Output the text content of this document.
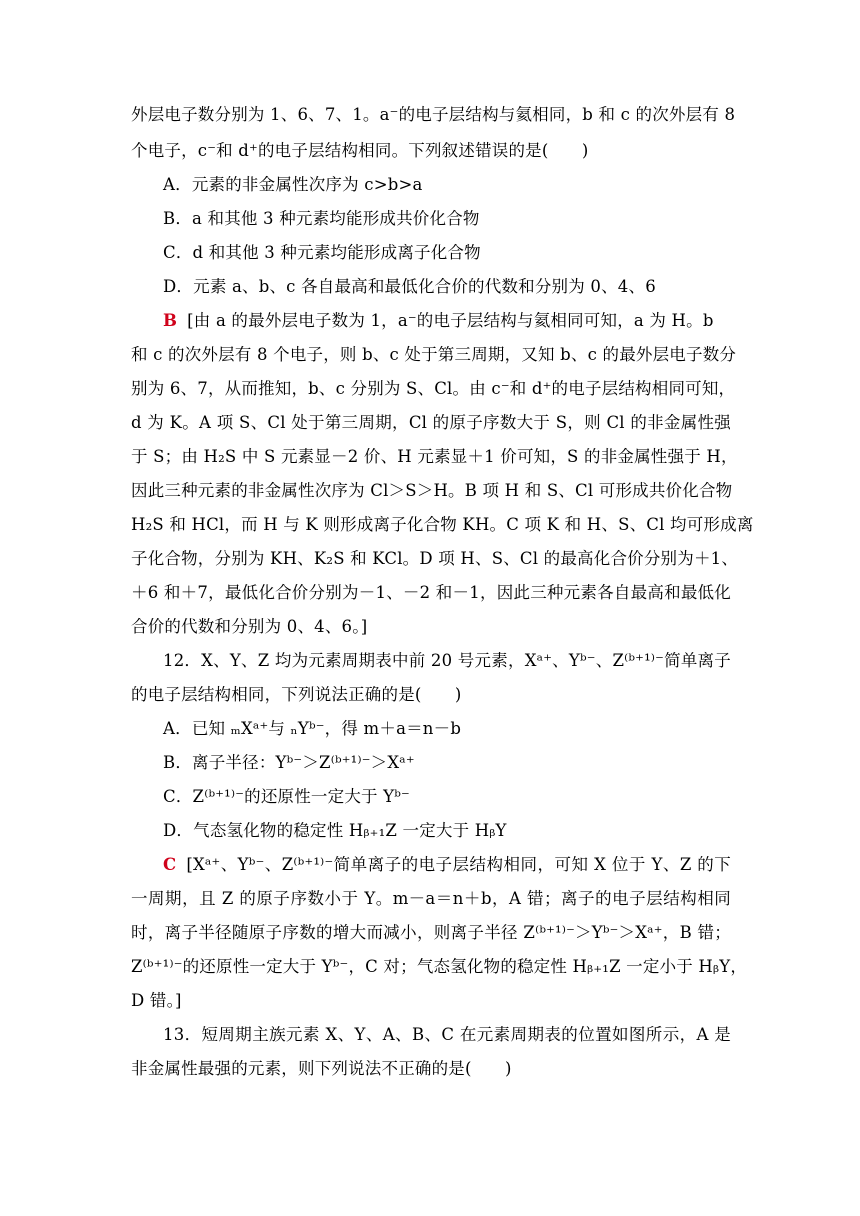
外层电子数分别为 1、6、7、1。a⁻的电子层结构与氦相同，b 和 c 的次外层有 8
个电子，c⁻和 d⁺的电子层结构相同。下列叙述错误的是(　　)
A．元素的非金属性次序为 c>b>a
B．a 和其他 3 种元素均能形成共价化合物
C．d 和其他 3 种元素均能形成离子化合物
D．元素 a、b、c 各自最高和最低化合价的代数和分别为 0、4、6
B [由 a 的最外层电子数为 1，a⁻的电子层结构与氦相同可知，a 为 H。b
和 c 的次外层有 8 个电子，则 b、c 处于第三周期，又知 b、c 的最外层电子数分
别为 6、7，从而推知，b、c 分别为 S、Cl。由 c⁻和 d⁺的电子层结构相同可知，
d 为 K。A 项 S、Cl 处于第三周期，Cl 的原子序数大于 S，则 Cl 的非金属性强
于 S；由 H₂S 中 S 元素显－2 价、H 元素显＋1 价可知，S 的非金属性强于 H，
因此三种元素的非金属性次序为 Cl＞S＞H。B 项 H 和 S、Cl 可形成共价化合物
H₂S 和 HCl，而 H 与 K 则形成离子化合物 KH。C 项 K 和 H、S、Cl 均可形成离
子化合物，分别为 KH、K₂S 和 KCl。D 项 H、S、Cl 的最高化合价分别为＋1、
＋6 和＋7，最低化合价分别为－1、－2 和－1，因此三种元素各自最高和最低化
合价的代数和分别为 0、4、6。]
12．X、Y、Z 均为元素周期表中前 20 号元素，Xᵃ⁺、Yᵇ⁻、Z⁽ᵇ⁺¹⁾⁻简单离子
的电子层结构相同，下列说法正确的是(　　)
A．已知 ₘXᵃ⁺与 ₙYᵇ⁻，得 m＋a＝n－b
B．离子半径：Yᵇ⁻＞Z⁽ᵇ⁺¹⁾⁻＞Xᵃ⁺
C．Z⁽ᵇ⁺¹⁾⁻的还原性一定大于 Yᵇ⁻
D．气态氢化物的稳定性 Hᵦ₊₁Z 一定大于 HᵦY
C [Xᵃ⁺、Yᵇ⁻、Z⁽ᵇ⁺¹⁾⁻简单离子的电子层结构相同，可知 X 位于 Y、Z 的下
一周期，且 Z 的原子序数小于 Y。m－a＝n＋b，A 错；离子的电子层结构相同
时，离子半径随原子序数的增大而减小，则离子半径 Z⁽ᵇ⁺¹⁾⁻＞Yᵇ⁻＞Xᵃ⁺，B 错；
Z⁽ᵇ⁺¹⁾⁻的还原性一定大于 Yᵇ⁻，C 对；气态氢化物的稳定性 Hᵦ₊₁Z 一定小于 HᵦY，
D 错。]
13．短周期主族元素 X、Y、A、B、C 在元素周期表的位置如图所示，A 是
非金属性最强的元素，则下列说法不正确的是(　　)
